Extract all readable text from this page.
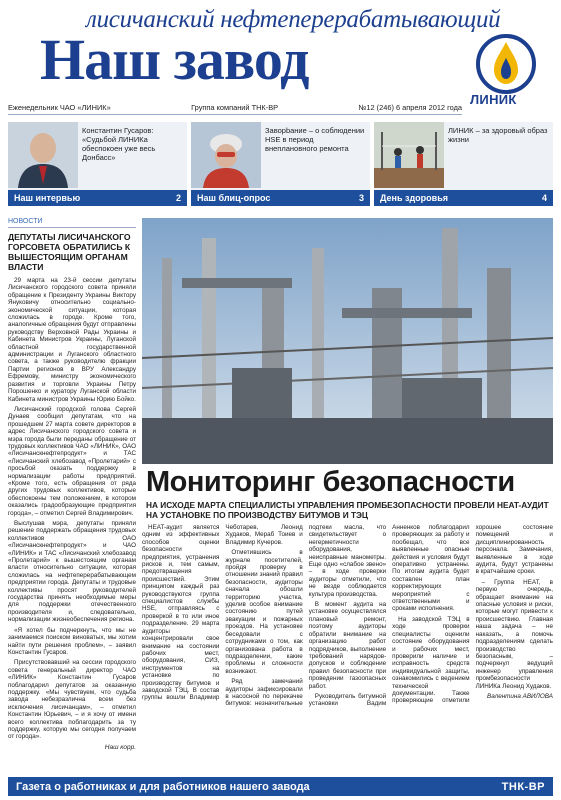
лисичанский нефтеперерабатывающий
Наш завод
ЛИНИК
Еженедельник ЧАО «ЛИНИК»	Группа компаний ТНК-ВР	№12 (246) 6 апреля 2012 года
Константин Гусаров: «Судьбой ЛИНИКа обеспокоен уже весь Донбасс»
Наш интервью	2
Заворbание – о соблюдении HSE в период внеплановного ремонта
Наш блиц-опрос	3
ЛИНИК – за здоровый образ жизни
День здоровья	4
НОВОСТИ
ДЕПУТАТЫ ЛИСИЧАНСКОГО ГОРСОВЕТА ОБРАТИЛИСЬ К ВЫШЕСТОЯЩИМ ОРГАНАМ ВЛАСТИ

29 марта на 23-й сессии депутаты Лисичанского городского совета приняли обращение к Президенту Украины Виктору Януковичу относительно социально-экономической ситуации, которая сложилась в городе. Кроме того, аналогичные обращения будут отправлены руководству Верховной Рады Украины и Кабинета Министров Украины, Луганской областной государственной администрации и Луганского областного совета, а также руководителю фракции Партии регионов в ВРУ Александру Ефремову, министру экономического развития и торговли Украины Петру Порошенко и куратору Луганской области Кабинета министров Украины Юрию Бойко.

Лисичанский городской голова Сергей Дунаев сообщил депутатам, что на прошедшем 27 марта совете директоров в адрес Лисичанского городского совета и мэра города были переданы обращение от трудовых коллективов ЧАО «ЛИНИК», ОАО «Лисичанскнефтепродукт» и ТАС «Лисичанский хлебозавод «Пролетарий» с просьбой оказать поддержку в нормализации работы предприятий. «Кроме того, есть обращения от ряда других трудовых коллективов, которые обеспокоены тем положением, в котором оказались градообразующие предприятия города», – отметил Сергей Владимирович.

Выслушав мэра, депутаты приняли решение поддержать обращения трудовых коллективов ОАО «Лисичанскнефтепродукт» и ЧАО «ЛИНИК» и ТАС «Лисичанский хлебозавод «Пролетарий» к вышестоящим органам власти относительно ситуации, которая сложилась на нефтеперерабатывающем предприятии города. Депутаты и трудовые коллективы просят руководителей государства принять необходимые меры для поддержки отечественного производителя и, следовательно, нормализации жизнеобеспечения региона.

«Я хотел бы подчеркнуть, что мы не занимаемся поиском виноватых, мы хотим найти пути решения проблем», – заявил Константин Гусаров.

Присутствовавший на сессии городского совета генеральный директор ЧАО «ЛИНИК» Константин Гусаров поблагодарил депутатов за оказанную поддержку. «Мы чувствуем, что судьба завода небезразлична всем без исключения лисичанцам», – отметил Константин Юрьевич, – и я хочу от имени всего коллектива поблагодарить за ту поддержку, которую мы сегодня получаем от города».

Наш корр.
Мониторинг безопасности
НА ИСХОДЕ МАРТА СПЕЦИАЛИСТЫ УПРАВЛЕНИЯ ПРОМБЕЗОПАСНОСТИ ПРОВЕЛИ HEAT-АУДИТ НА УСТАНОВКЕ ПО ПРОИЗВОДСТВУ БИТУМОВ И ТЭЦ

HEAT-аудит является одним из эффективных способов оценки безопасности предприятия, устранения рисков и, тем самым, предотвращения происшествий. Этим принципом каждый раз руководствуются группа специалистов службы HSE, отправляясь с проверкой в то или иное подразделение. 29 марта аудиторы концентрировали свое внимание на состоянии рабочих мест, оборудования, СИЗ, инструментов на установке по производству битумов и заводской ТЭЦ. В состав группы вошли Владимир Чеботарев, Леонид Худаков, Мераб Тоиев и Владимир Кучеров.

Отметившись в журнале посетителей, пройдя проверку в отношении знаний правил безопасности, аудиторы сначала обошли территорию участка, уделив особое внимание состоянию путей эвакуации и пожарных проездов. На установке беседовали с сотрудниками о том, как организована работа в подразделении, какие проблемы и сложности возникают.

Ряд замечаний аудиторы зафиксировали в насосной по перекачке битумов: незначительные подтеки масла, что свидетельствует о негерметичности оборудования, неисправные манометры. Еще одно «слабое звено» – в ходе проверки аудиторы отметили, что не везде соблюдается культура производства.

В момент аудита на установке осуществлялся плановый ремонт, поэтому аудиторы обратили внимание на организацию работ подрядчиков, выполнение требований нарядов-допусков и соблюдение правил безопасности при проведении газоопасных работ.

Руководитель битумной установки Вадим Анненков поблагодарил проверяющих за работу и пообещал, что все выявленные опасные действия и условия будут оперативно устранены. По итогам аудита будет составлен план корректирующих мероприятий с ответственными и сроками исполнения.

На заводской ТЭЦ в ходе проверки специалисты оценили состояние оборудования и рабочих мест, проверили наличие и исправность средств индивидуальной защиты, ознакомились с ведением технической документации. Также проверяющие отметили хорошее состояние помещений и дисциплинированность персонала. Замечания, выявленные в ходе аудита, будут устранены в кратчайшие сроки.

– Группа HEAT, в первую очередь, обращает внимание на опасные условия и риски, которые могут привести к происшествию. Главная наша задача – не наказать, а помочь подразделениям сделать производство безопасным, – подчеркнул ведущий инженер управления промбезопасности ЛИНИКа Леонид Худаков.

Валентина АВИЛОВА

Газета о работниках и для работников нашего завода	ТНК-ВР
